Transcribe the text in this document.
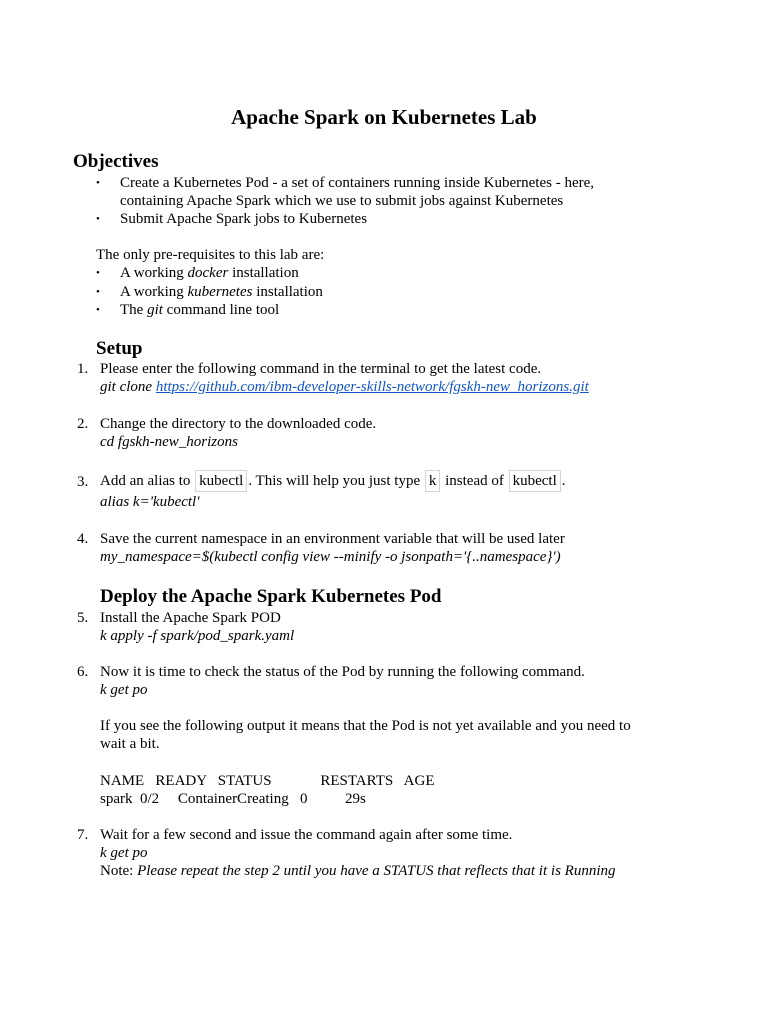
Apache Spark on Kubernetes Lab
Objectives
• Create a Kubernetes Pod - a set of containers running inside Kubernetes - here,
containing Apache Spark which we use to submit jobs against Kubernetes
• Submit Apache Spark jobs to Kubernetes
The only pre-requisites to this lab are:
• A working docker installation
• A working kubernetes installation
• The git command line tool
Setup
1. Please enter the following command in the terminal to get the latest code.
git clone https://github.com/ibm-developer-skills-network/fgskh-new_horizons.git
2. Change the directory to the downloaded code.
cd fgskh-new_horizons
3. Add an alias to kubectl . This will help you just type k instead of kubectl .
alias k='kubectl'
4. Save the current namespace in an environment variable that will be used later
my_namespace=$(kubectl config view --minify -o jsonpath='{..namespace}')
Deploy the Apache Spark Kubernetes Pod
5. Install the Apache Spark POD
k apply -f spark/pod_spark.yaml
6. Now it is time to check the status of the Pod by running the following command.
k get po
If you see the following output it means that the Pod is not yet available and you need to
wait a bit.
NAME   READY   STATUS             RESTARTS   AGE
spark  0/2     ContainerCreating   0          29s
7. Wait for a few second and issue the command again after some time.
k get po
Note: Please repeat the step 2 until you have a STATUS that reflects that it is Running
